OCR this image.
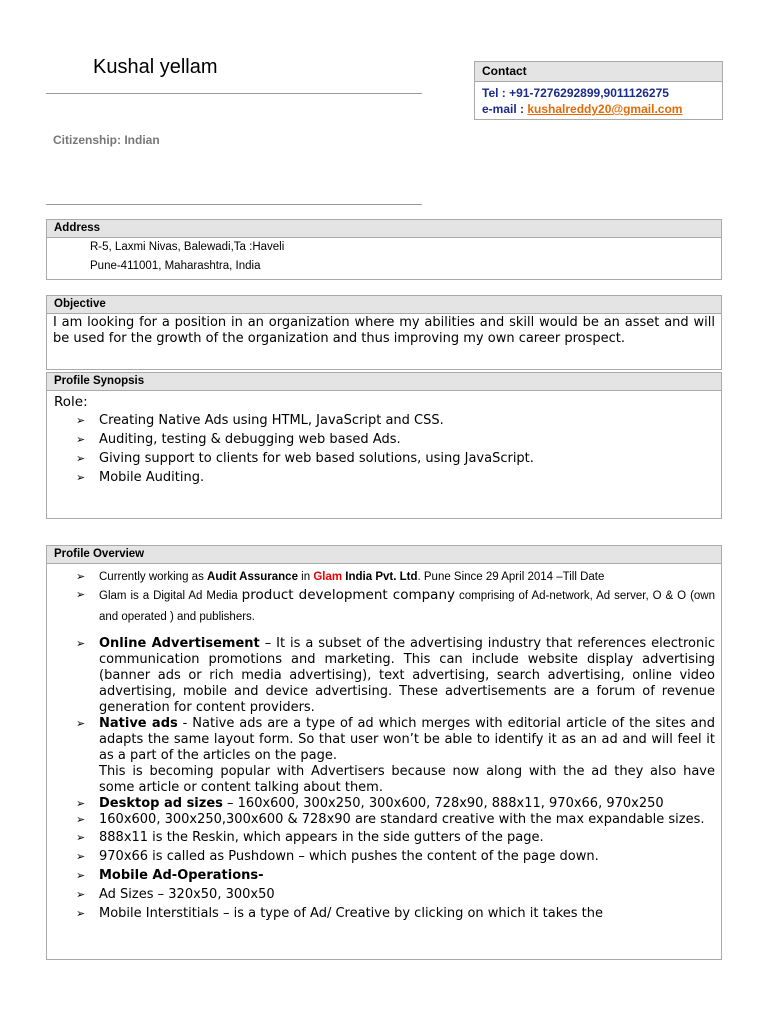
Kushal yellam
Citizenship: Indian
Contact
Tel : +91-7276292899,9011126275
e-mail : kushalreddy20@gmail.com
Address
R-5, Laxmi Nivas, Balewadi,Ta :Haveli
Pune-411001, Maharashtra, India
Objective
I am looking for a position in an organization where my abilities and skill would be an asset and will be used for the growth of the organization and thus improving my own career prospect.
Profile Synopsis
Role:
➢ Creating Native Ads using HTML, JavaScript and CSS.
➢ Auditing, testing & debugging web based Ads.
➢ Giving support to clients for web based solutions, using JavaScript.
➢ Mobile Auditing.
Profile Overview
➢ Currently working as Audit Assurance in Glam India Pvt. Ltd. Pune Since 29 April 2014 –Till Date
➢ Glam is a Digital Ad Media product development company comprising of Ad-network, Ad server, O & O (own and operated ) and publishers.
➢ Online Advertisement – It is a subset of the advertising industry that references electronic communication promotions and marketing. This can include website display advertising (banner ads or rich media advertising), text advertising, search advertising, online video advertising, mobile and device advertising. These advertisements are a forum of revenue generation for content providers.
➢ Native ads - Native ads are a type of ad which merges with editorial article of the sites and adapts the same layout form. So that user won’t be able to identify it as an ad and will feel it as a part of the articles on the page.
This is becoming popular with Advertisers because now along with the ad they also have some article or content talking about them.
➢ Desktop ad sizes – 160x600, 300x250, 300x600, 728x90, 888x11, 970x66, 970x250
➢ 160x600, 300x250,300x600 & 728x90 are standard creative with the max expandable sizes.
➢ 888x11 is the Reskin, which appears in the side gutters of the page.
➢ 970x66 is called as Pushdown – which pushes the content of the page down.
➢ Mobile Ad-Operations-
➢ Ad Sizes – 320x50, 300x50
➢ Mobile Interstitials – is a type of Ad/ Creative by clicking on which it takes the
